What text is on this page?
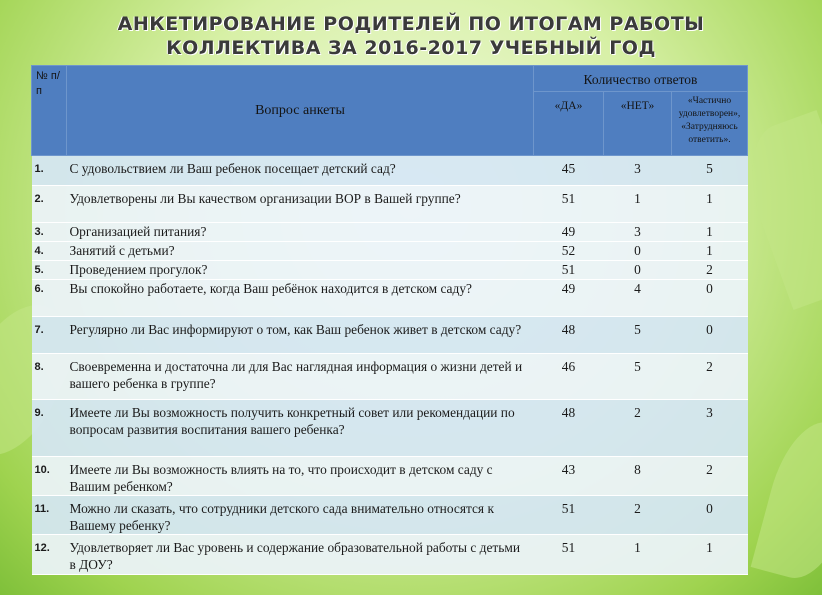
АНКЕТИРОВАНИЕ РОДИТЕЛЕЙ ПО ИТОГАМ РАБОТЫ
КОЛЛЕКТИВА ЗА 2016-2017 УЧЕБНЫЙ ГОД
№ п/п	Вопрос анкеты	Количество ответов		
		«ДА»	«НЕТ»	«Частично удовлетворен», «Затрудняюсь ответить».
1.	С удовольствием ли Ваш ребенок посещает детский сад?	45	3	5
2.	Удовлетворены ли Вы качеством организации ВОР в Вашей группе?	51	1	1
3.	Организацией питания?	49	3	1
4.	Занятий с детьми?	52	0	1
5.	Проведением прогулок?	51	0	2
6.	Вы спокойно работаете, когда Ваш ребёнок находится в детском саду?	49	4	0
7.	Регулярно ли Вас информируют о том, как Ваш ребенок живет в детском саду?	48	5	0
8.	Своевременна и достаточна ли для Вас наглядная информация о жизни детей и вашего ребенка в группе?	46	5	2
9.	Имеете ли Вы возможность получить конкретный совет или рекомендации по вопросам развития воспитания вашего ребенка?	48	2	3
10.	Имеете ли Вы возможность влиять на то, что происходит в детском саду с Вашим ребенком?	43	8	2
11.	Можно ли сказать, что сотрудники детского сада внимательно относятся к Вашему ребенку?	51	2	0
12.	Удовлетворяет ли Вас уровень и содержание образовательной работы с детьми в ДОУ?	51	1	1
